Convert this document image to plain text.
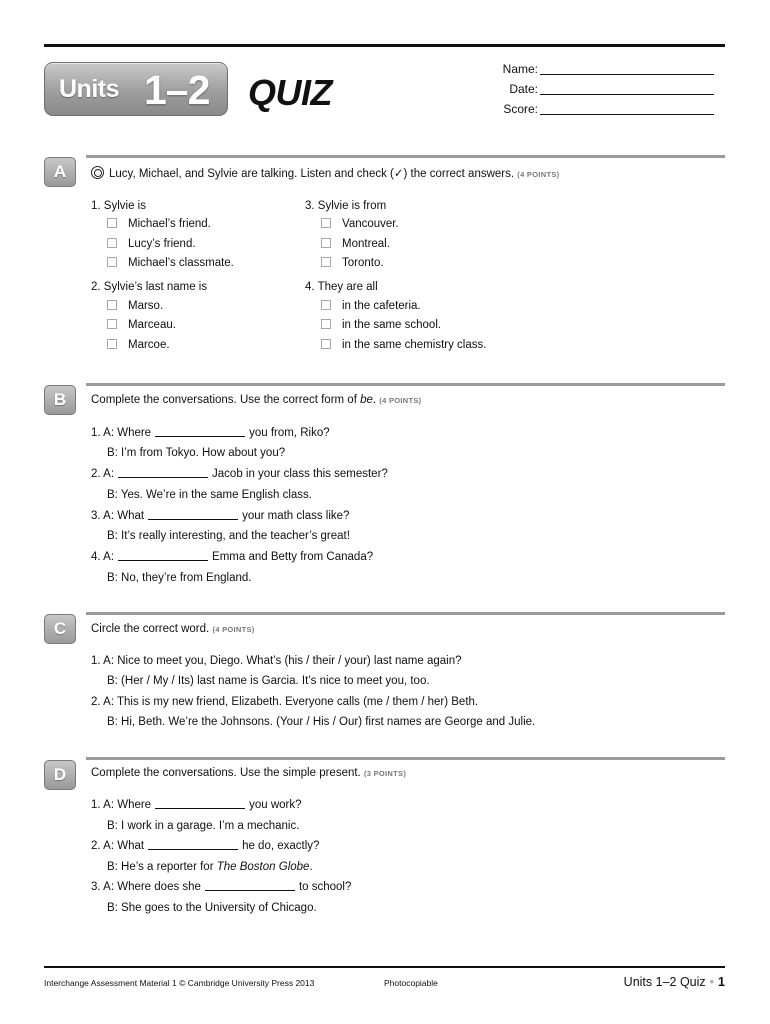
Units 1–2 QUIZ
Name:
Date:
Score:
A	Lucy, Michael, and Sylvie are talking. Listen and check (✓) the correct answers. (4 POINTS)
1. Sylvie is
Michael’s friend.
Lucy’s friend.
Michael’s classmate.
2. Sylvie’s last name is
Marso.
Marceau.
Marcoe.
3. Sylvie is from
Vancouver.
Montreal.
Toronto.
4. They are all
in the cafeteria.
in the same school.
in the same chemistry class.
B	Complete the conversations. Use the correct form of be. (4 POINTS)
1. A: Where	you from, Riko?
B: I’m from Tokyo. How about you?
2. A:	Jacob in your class this semester?
B: Yes. We’re in the same English class.
3. A: What	your math class like?
B: It’s really interesting, and the teacher’s great!
4. A:	Emma and Betty from Canada?
B: No, they’re from England.
C	Circle the correct word. (4 POINTS)
1. A: Nice to meet you, Diego. What’s (his / their / your) last name again?
B: (Her / My / Its) last name is Garcia. It’s nice to meet you, too.
2. A: This is my new friend, Elizabeth. Everyone calls (me / them / her) Beth.
B: Hi, Beth. We’re the Johnsons. (Your / His / Our) first names are George and Julie.
D	Complete the conversations. Use the simple present. (3 POINTS)
1. A: Where	you work?
B: I work in a garage. I’m a mechanic.
2. A: What	he do, exactly?
B: He’s a reporter for The Boston Globe.
3. A: Where does she	to school?
B: She goes to the University of Chicago.
Interchange Assessment Material 1 © Cambridge University Press 2013	Photocopiable	Units 1–2 Quiz • 1
